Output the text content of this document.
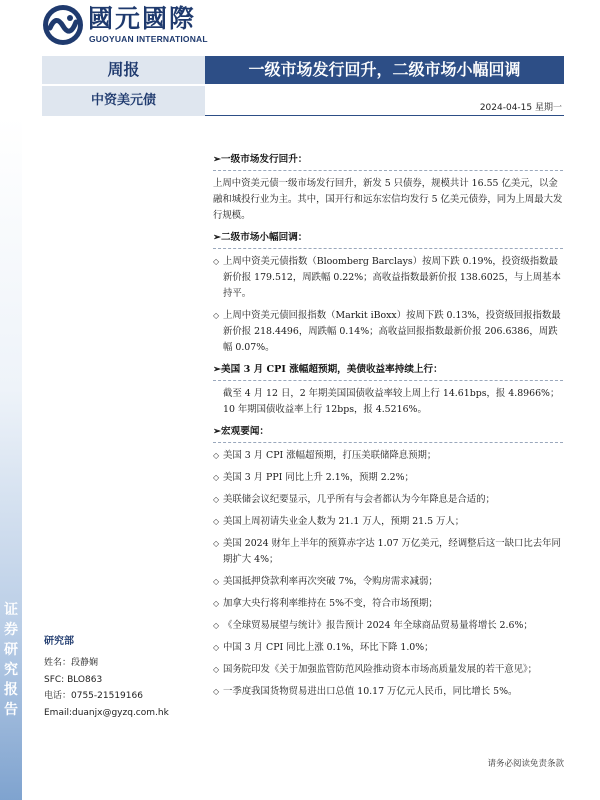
國元國際
GUOYUAN INTERNATIONAL
周报	一级市场发行回升，二级市场小幅回调
中资美元债	2024-04-15 星期一
证
券
研
究
报
告
研究部
姓名：段静娴
SFC: BLO863
电话：0755-21519166
Email:duanjx@gyzq.com.hk
➢一级市场发行回升：
上周中资美元债一级市场发行回升，新发 5 只债券，规模共计 16.55 亿美元，以金融和城投行业为主。其中，国开行和远东宏信均发行 5 亿美元债券，同为上周最大发行规模。
➢二级市场小幅回调：
◇ 上周中资美元债指数（Bloomberg Barclays）按周下跌 0.19%，投资级指数最新价报 179.512，周跌幅 0.22%；高收益指数最新价报 138.6025，与上周基本持平。
◇ 上周中资美元债回报指数（Markit iBoxx）按周下跌 0.13%，投资级回报指数最新价报 218.4496，周跌幅 0.14%；高收益回报指数最新价报 206.6386，周跌幅 0.07%。
➢美国 3 月 CPI 涨幅超预期，美债收益率持续上行：
截至 4 月 12 日，2 年期美国国债收益率较上周上行 14.61bps，报 4.8966%；10 年期国债收益率上行 12bps，报 4.5216%。
➢宏观要闻：
◇ 美国 3 月 CPI 涨幅超预期，打压美联储降息预期；
◇ 美国 3 月 PPI 同比上升 2.1%，预期 2.2%；
◇ 美联储会议纪要显示，几乎所有与会者都认为今年降息是合适的；
◇ 美国上周初请失业金人数为 21.1 万人，预期 21.5 万人；
◇ 美国 2024 财年上半年的预算赤字达 1.07 万亿美元，经调整后这一缺口比去年同期扩大 4%；
◇ 美国抵押贷款利率再次突破 7%，令购房需求减弱；
◇ 加拿大央行将利率维持在 5%不变，符合市场预期；
◇ 《全球贸易展望与统计》报告预计 2024 年全球商品贸易量将增长 2.6%；
◇ 中国 3 月 CPI 同比上涨 0.1%，环比下降 1.0%；
◇ 国务院印发《关于加强监管防范风险推动资本市场高质量发展的若干意见》；
◇ 一季度我国货物贸易进出口总值 10.17 万亿元人民币，同比增长 5%。
请务必阅读免责条款
